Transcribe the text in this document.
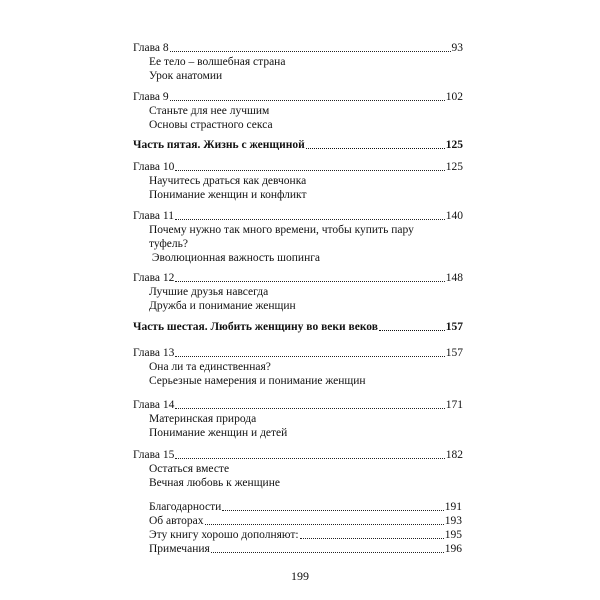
Глава 8	93
Ее тело – волшебная страна
Урок анатомии
Глава 9	102
Станьте для нее лучшим
Основы страстного секса
Часть пятая. Жизнь с женщиной	125
Глава 10	125
Научитесь драться как девчонка
Понимание женщин и конфликт
Глава 11	140
Почему нужно так много времени, чтобы купить пару
туфель?
Эволюционная важность шопинга
Глава 12	148
Лучшие друзья навсегда
Дружба и понимание женщин
Часть шестая. Любить женщину во веки веков	157
Глава 13	157
Она ли та единственная?
Серьезные намерения и понимание женщин
Глава 14	171
Материнская природа
Понимание женщин и детей
Глава 15	182
Остаться вместе
Вечная любовь к женщине
Благодарности	191
Об авторах	193
Эту книгу хорошо дополняют:	195
Примечания	196
199
